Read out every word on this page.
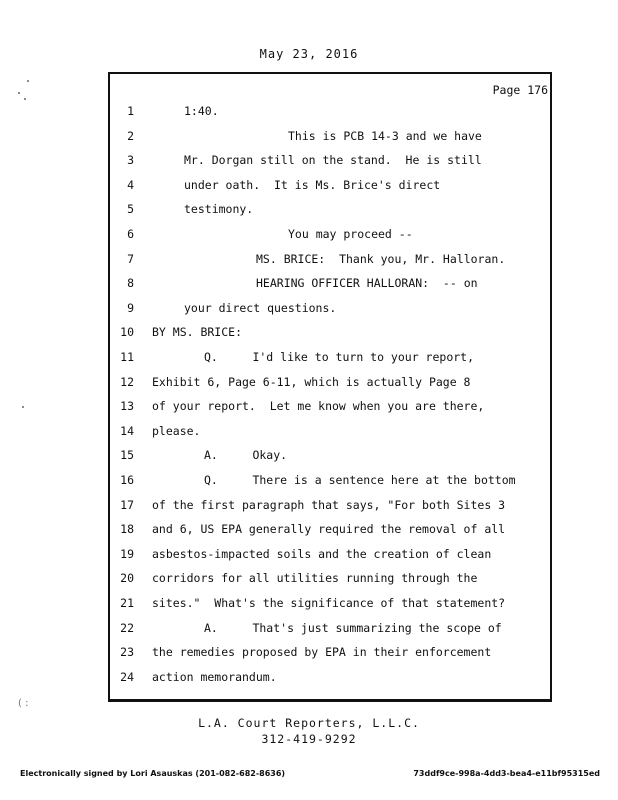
May 23, 2016
Page 176
1	1:40.
2	This is PCB 14-3 and we have
3	Mr. Dorgan still on the stand.  He is still
4	under oath.  It is Ms. Brice's direct
5	testimony.
6	You may proceed --
7	MS. BRICE:  Thank you, Mr. Halloran.
8	HEARING OFFICER HALLORAN:  -- on
9	your direct questions.
10 BY MS. BRICE:
11	Q.     I'd like to turn to your report,
12 Exhibit 6, Page 6-11, which is actually Page 8
13 of your report.  Let me know when you are there,
14 please.
15	A.     Okay.
16	Q.     There is a sentence here at the bottom
17 of the first paragraph that says, "For both Sites 3
18 and 6, US EPA generally required the removal of all
19 asbestos-impacted soils and the creation of clean
20 corridors for all utilities running through the
21 sites."  What's the significance of that statement?
22	A.     That's just summarizing the scope of
23 the remedies proposed by EPA in their enforcement
24 action memorandum.
L.A. Court Reporters, L.L.C.
312-419-9292
Electronically signed by Lori Asauskas (201-082-682-8636)	73ddf9ce-998a-4dd3-bea4-e11bf95315ed
( :
